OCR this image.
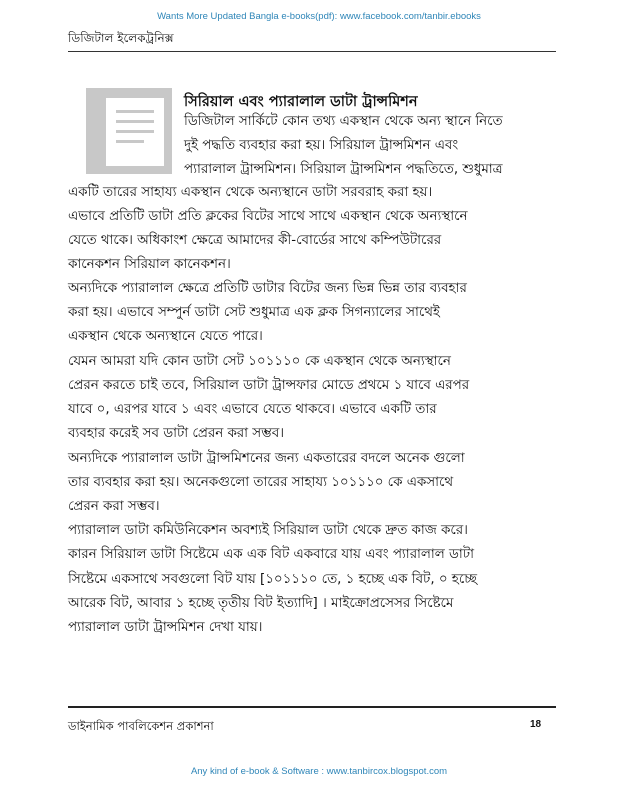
Wants More Updated Bangla e-books(pdf): www.facebook.com/tanbir.ebooks
ডিজিটাল ইলেকট্রনিক্স
সিরিয়াল এবং প্যারালাল ডাটা ট্রান্সমিশন
ডিজিটাল সার্কিটে কোন তথ্য একস্থান থেকে অন্য স্থানে নিতে
দুই পদ্ধতি ব্যবহার করা হয়। সিরিয়াল ট্রান্সমিশন এবং
প্যারালাল ট্রান্সমিশন। সিরিয়াল ট্রান্সমিশন পদ্ধতিতে, শুধুমাত্র
একটি তারের সাহায্য একস্থান থেকে অন্যস্থানে ডাটা সরবরাহ করা হয়।
এভাবে প্রতিটি ডাটা প্রতি ক্লকের বিটের সাথে সাথে একস্থান থেকে অন্যস্থানে
যেতে থাকে। অধিকাংশ ক্ষেত্রে আমাদের কী-বোর্ডের সাথে কম্পিউটারের
কানেকশন সিরিয়াল কানেকশন।
অন্যদিকে প্যারালাল ক্ষেত্রে প্রতিটি ডাটার বিটের জন্য ভিন্ন ভিন্ন তার ব্যবহার
করা হয়। এভাবে সম্পুর্ন ডাটা সেট শুধুমাত্র এক ক্লক সিগন্যালের সাথেই
একস্থান থেকে অন্যস্থানে যেতে পারে।
যেমন আমরা যদি কোন ডাটা সেট ১০১১১০ কে একস্থান থেকে অন্যস্থানে
প্রেরন করতে চাই তবে, সিরিয়াল ডাটা ট্রান্সফার মোডে প্রথমে ১ যাবে এরপর
যাবে ০, এরপর যাবে ১ এবং এভাবে যেতে থাকবে। এভাবে একটি তার
ব্যবহার করেই সব ডাটা প্রেরন করা সম্ভব।
অন্যদিকে প্যারালাল ডাটা ট্রান্সমিশনের জন্য একতারের বদলে অনেক গুলো
তার ব্যবহার করা হয়। অনেকগুলো তারের সাহায্য ১০১১১০ কে একসাথে
প্রেরন করা সম্ভব।
প্যারালাল ডাটা কমিউনিকেশন অবশ্যই সিরিয়াল ডাটা থেকে দ্রুত কাজ করে।
কারন সিরিয়াল ডাটা সিষ্টেমে এক এক বিট একবারে যায় এবং প্যারালাল ডাটা
সিষ্টেমে একসাথে সবগুলো বিট যায় [১০১১১০ তে, ১ হচ্ছে এক বিট, ০ হচ্ছে
আরেক বিট, আবার ১ হচ্ছে তৃতীয় বিট ইত্যাদি] । মাইক্রোপ্রসেসর সিষ্টেমে
প্যারালাল ডাটা ট্রান্সমিশন দেখা যায়।
ডাইনামিক পাবলিকেশন প্রকাশনা	18
Any kind of e-book & Software : www.tanbircox.blogspot.com
